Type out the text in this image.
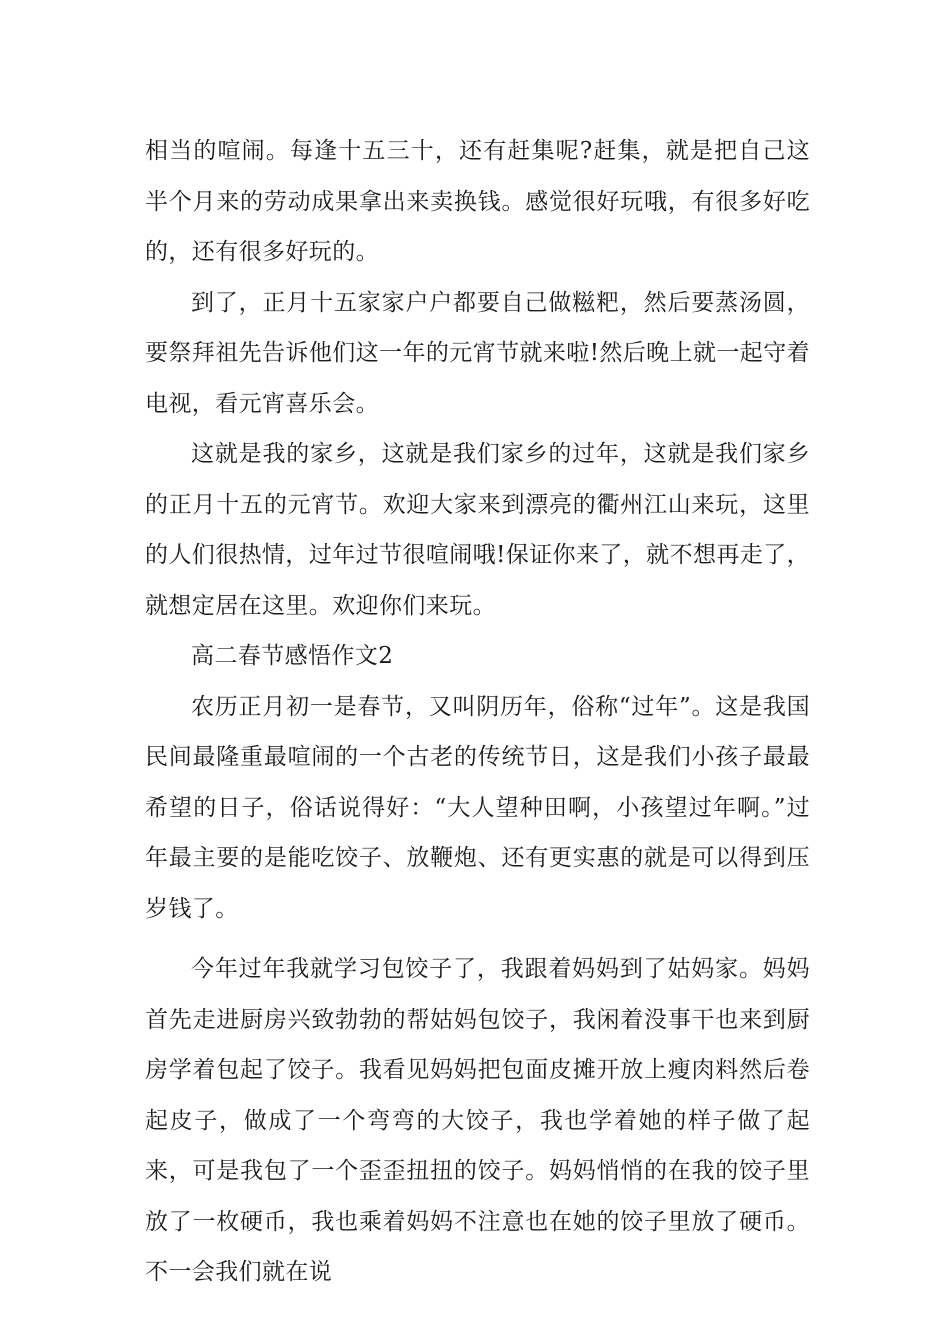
相当的喧闹。每逢十五三十，还有赶集呢?赶集，就是把自己这半个月来的劳动成果拿出来卖换钱。感觉很好玩哦，有很多好吃的，还有很多好玩的。

到了，正月十五家家户户都要自己做糍粑，然后要蒸汤圆，要祭拜祖先告诉他们这一年的元宵节就来啦!然后晚上就一起守着电视，看元宵喜乐会。

这就是我的家乡，这就是我们家乡的过年，这就是我们家乡的正月十五的元宵节。欢迎大家来到漂亮的衢州江山来玩，这里的人们很热情，过年过节很喧闹哦!保证你来了，就不想再走了，就想定居在这里。欢迎你们来玩。

高二春节感悟作文2

农历正月初一是春节，又叫阴历年，俗称“过年”。这是我国民间最隆重最喧闹的一个古老的传统节日，这是我们小孩子最最希望的日子，俗话说得好：“大人望种田啊，小孩望过年啊。”过年最主要的是能吃饺子、放鞭炮、还有更实惠的就是可以得到压岁钱了。

今年过年我就学习包饺子了，我跟着妈妈到了姑妈家。妈妈首先走进厨房兴致勃勃的帮姑妈包饺子，我闲着没事干也来到厨房学着包起了饺子。我看见妈妈把包面皮摊开放上瘦肉料然后卷起皮子，做成了一个弯弯的大饺子，我也学着她的样子做了起来，可是我包了一个歪歪扭扭的饺子。妈妈悄悄的在我的饺子里放了一枚硬币，我也乘着妈妈不注意也在她的饺子里放了硬币。不一会我们就在说
